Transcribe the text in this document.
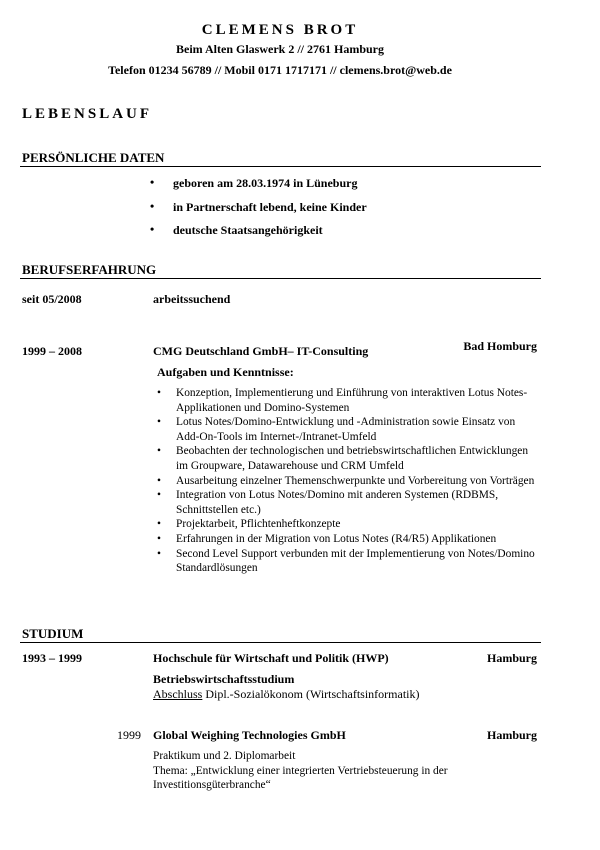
CLEMENS BROT
Beim Alten Glaswerk 2 // 2761 Hamburg
Telefon 01234 56789 // Mobil 0171 1717171 // clemens.brot@web.de
LEBENSLAUF
PERSÖNLICHE DATEN
• geboren am 28.03.1974 in Lüneburg
• in Partnerschaft lebend, keine Kinder
• deutsche Staatsangehörigkeit
BERUFSERFAHRUNG
seit 05/2008	arbeitssuchend
1999 – 2008	CMG Deutschland GmbH– IT-Consulting	Bad Homburg
Aufgaben und Kenntnisse:
• Konzeption, Implementierung und Einführung von interaktiven Lotus Notes-Applikationen und Domino-Systemen
• Lotus Notes/Domino-Entwicklung und -Administration sowie Einsatz von Add-On-Tools im Internet-/Intranet-Umfeld
• Beobachten der technologischen und betriebswirtschaftlichen Entwicklungen im Groupware, Datawarehouse und CRM Umfeld
• Ausarbeitung einzelner Themenschwerpunkte und Vorbereitung von Vorträgen
• Integration von Lotus Notes/Domino mit anderen Systemen (RDBMS, Schnittstellen etc.)
• Projektarbeit, Pflichtenheftkonzepte
• Erfahrungen in der Migration von Lotus Notes (R4/R5) Applikationen
• Second Level Support verbunden mit der Implementierung von Notes/Domino Standardlösungen
STUDIUM
1993 – 1999	Hochschule für Wirtschaft und Politik (HWP)	Hamburg
Betriebswirtschaftsstudium
Abschluss Dipl.-Sozialökonom (Wirtschaftsinformatik)
1999 Global Weighing Technologies GmbH	Hamburg
Praktikum und 2. Diplomarbeit
Thema: „Entwicklung einer integrierten Vertriebsteuerung in der
Investitionsgüterbranche“
